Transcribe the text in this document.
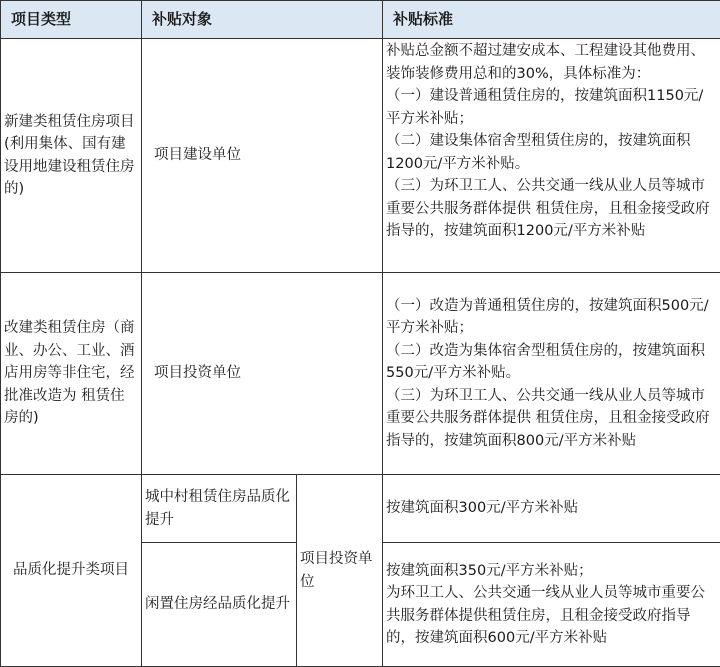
项目类型	补贴对象		补贴标准
新建类租赁住房项目(利用集体、国有建设用地建设租赁住房的)	项目建设单位		补贴总金额不超过建安成本、工程建设其他费用、装饰装修费用总和的30%，具体标准为：
（一）建设普通租赁住房的，按建筑面积1150元/平方米补贴；
（二）建设集体宿舍型租赁住房的，按建筑面积1200元/平方米补贴。
（三）为环卫工人、公共交通一线从业人员等城市重要公共服务群体提供 租赁住房，且租金接受政府指导的，按建筑面积1200元/平方米补贴

改建类租赁住房（商业、办公、工业、酒店用房等非住宅，经批准改造为 租赁住房的)	项目投资单位		（一）改造为普通租赁住房的，按建筑面积500元/平方米补贴；
（二）改造为集体宿舍型租赁住房的，按建筑面积550元/平方米补贴。
（三）为环卫工人、公共交通一线从业人员等城市重要公共服务群体提供 租赁住房，且租金接受政府指导的，按建筑面积800元/平方米补贴

品质化提升类项目	城中村租赁住房品质化提升	项目投资单位	按建筑面积300元/平方米补贴

	闲置住房经品质化提升		按建筑面积350元/平方米补贴；
为环卫工人、公共交通一线从业人员等城市重要公共服务群体提供租赁住房，且租金接受政府指导的，按建筑面积600元/平方米补贴
